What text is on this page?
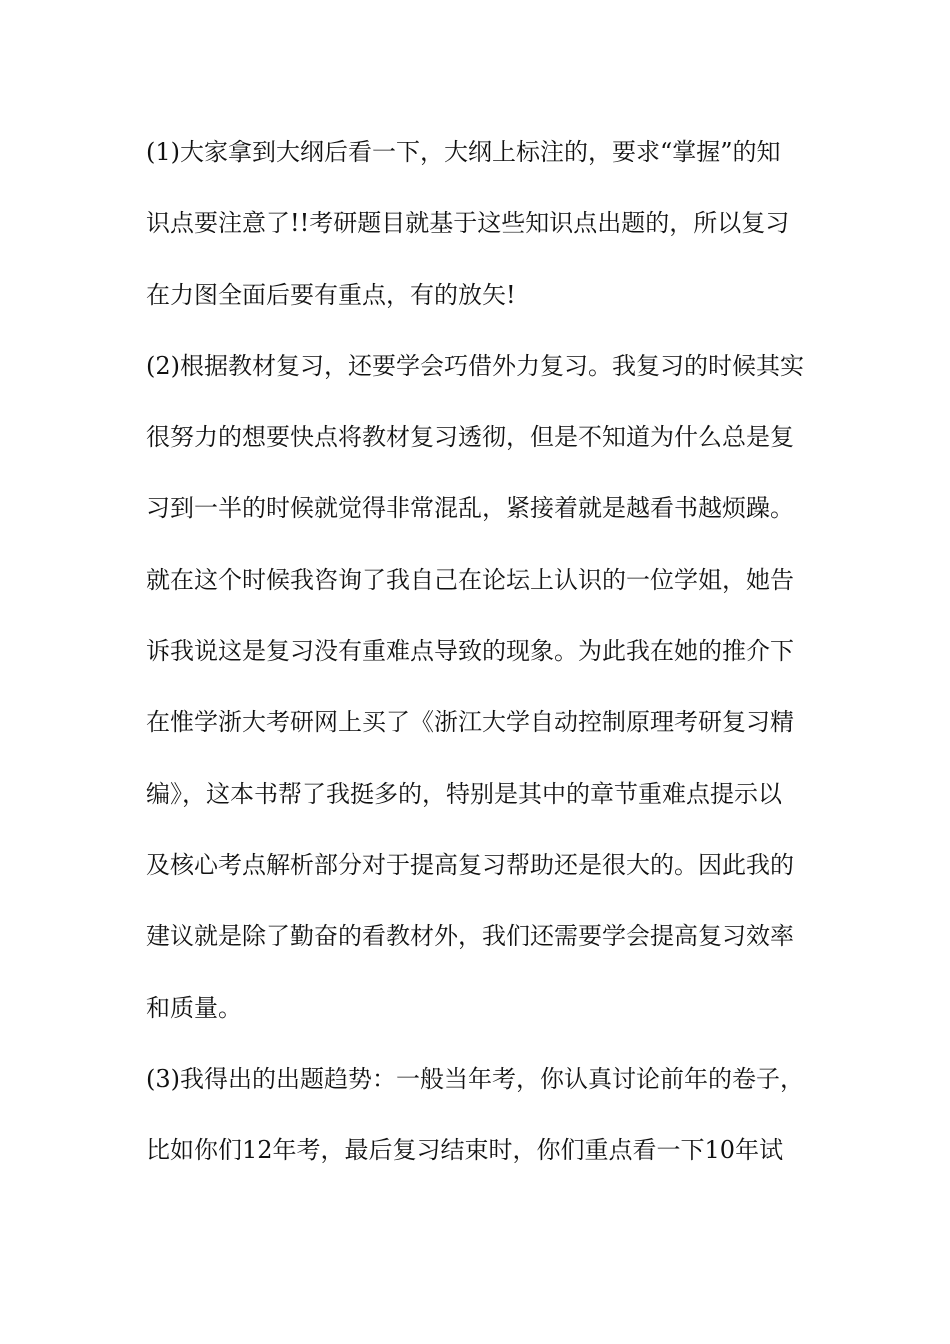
(1)大家拿到大纲后看一下，大纲上标注的，要求“掌握”的知
识点要注意了!!考研题目就基于这些知识点出题的，所以复习
在力图全面后要有重点，有的放矢!
(2)根据教材复习，还要学会巧借外力复习。我复习的时候其实
很努力的想要快点将教材复习透彻，但是不知道为什么总是复
习到一半的时候就觉得非常混乱，紧接着就是越看书越烦躁。
就在这个时候我咨询了我自己在论坛上认识的一位学姐，她告
诉我说这是复习没有重难点导致的现象。为此我在她的推介下
在惟学浙大考研网上买了《浙江大学自动控制原理考研复习精
编》，这本书帮了我挺多的，特别是其中的章节重难点提示以
及核心考点解析部分对于提高复习帮助还是很大的。因此我的
建议就是除了勤奋的看教材外，我们还需要学会提高复习效率
和质量。
(3)我得出的出题趋势：一般当年考，你认真讨论前年的卷子，
比如你们12年考，最后复习结束时，你们重点看一下10年试
